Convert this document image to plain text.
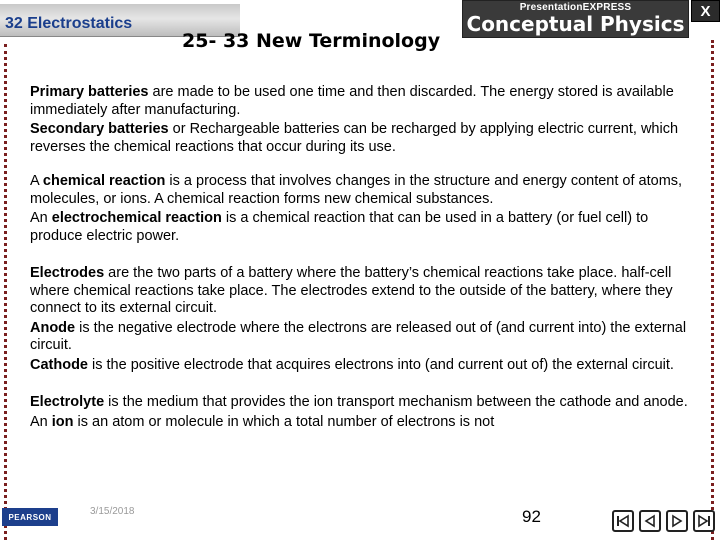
32 Electrostatics
PresentationEXPRESS
Conceptual Physics
X
25- 33 New Terminology

Primary batteries are made to be used one time and then discarded. The energy stored is available immediately after manufacturing.

Secondary batteries or Rechargeable batteries can be recharged by applying electric current, which reverses the chemical reactions that occur during its use.

A chemical reaction is a process that involves changes in the structure and energy content of atoms, molecules, or ions. A chemical reaction forms new chemical substances.

An electrochemical reaction is a chemical reaction that can be used in a battery (or fuel cell) to produce electric power.

Electrodes are the two parts of a battery where the battery’s chemical reactions take place. half-cell where chemical reactions take place. The electrodes extend to the outside of the battery, where they connect to its external circuit.

Anode is the negative electrode where the electrons are released out of (and current into) the external circuit.

Cathode is the positive electrode that acquires electrons into (and current out of) the external circuit.

Electrolyte is the medium that provides the ion transport mechanism between the cathode and anode.

An ion is an atom or molecule in which a total number of electrons is not

PEARSON	3/15/2018	92
